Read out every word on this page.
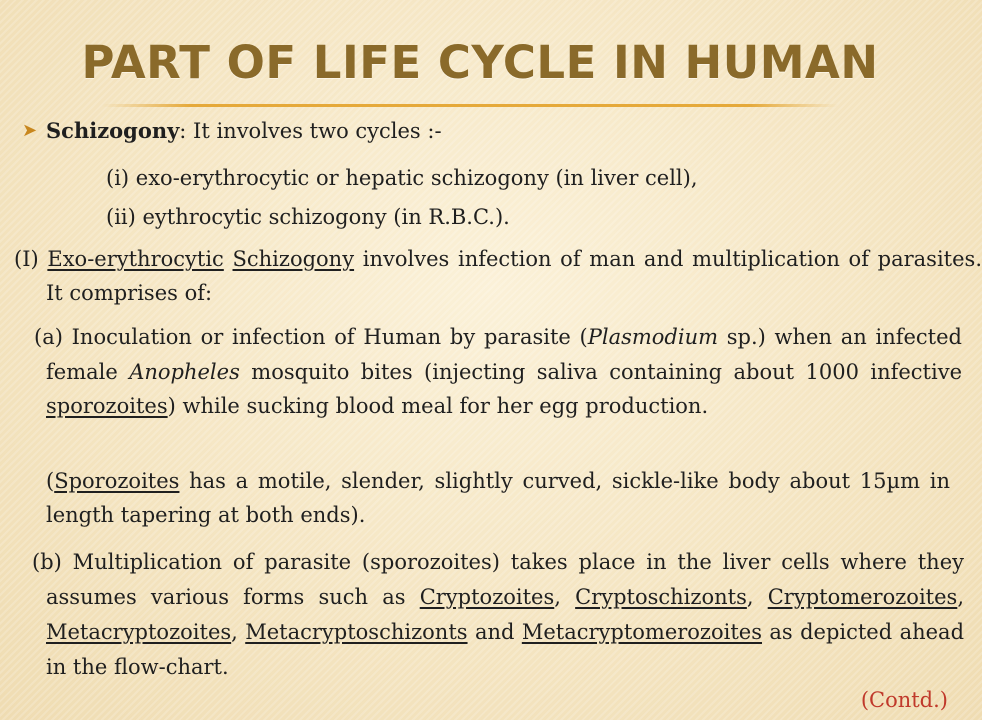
PART OF LIFE CYCLE IN HUMAN
➤ Schizogony: It involves two cycles :-
(i) exo-erythrocytic or hepatic schizogony (in liver cell),
(ii) eythrocytic schizogony (in R.B.C.).
(I) Exo-erythrocytic Schizogony involves infection of man and multiplication of parasites. It comprises of:
(a) Inoculation or infection of Human by parasite (Plasmodium sp.) when an infected female Anopheles mosquito bites (injecting saliva containing about 1000 infective sporozoites) while sucking blood meal for her egg production.
(Sporozoites has a motile, slender, slightly curved, sickle-like body about 15µm in length tapering at both ends).
(b) Multiplication of parasite (sporozoites) takes place in the liver cells where they assumes various forms such as Cryptozoites, Cryptoschizonts, Cryptomerozoites, Metacryptozoites, Metacryptoschizonts and Metacryptomerozoites as depicted ahead in the flow-chart.
(Contd.)
